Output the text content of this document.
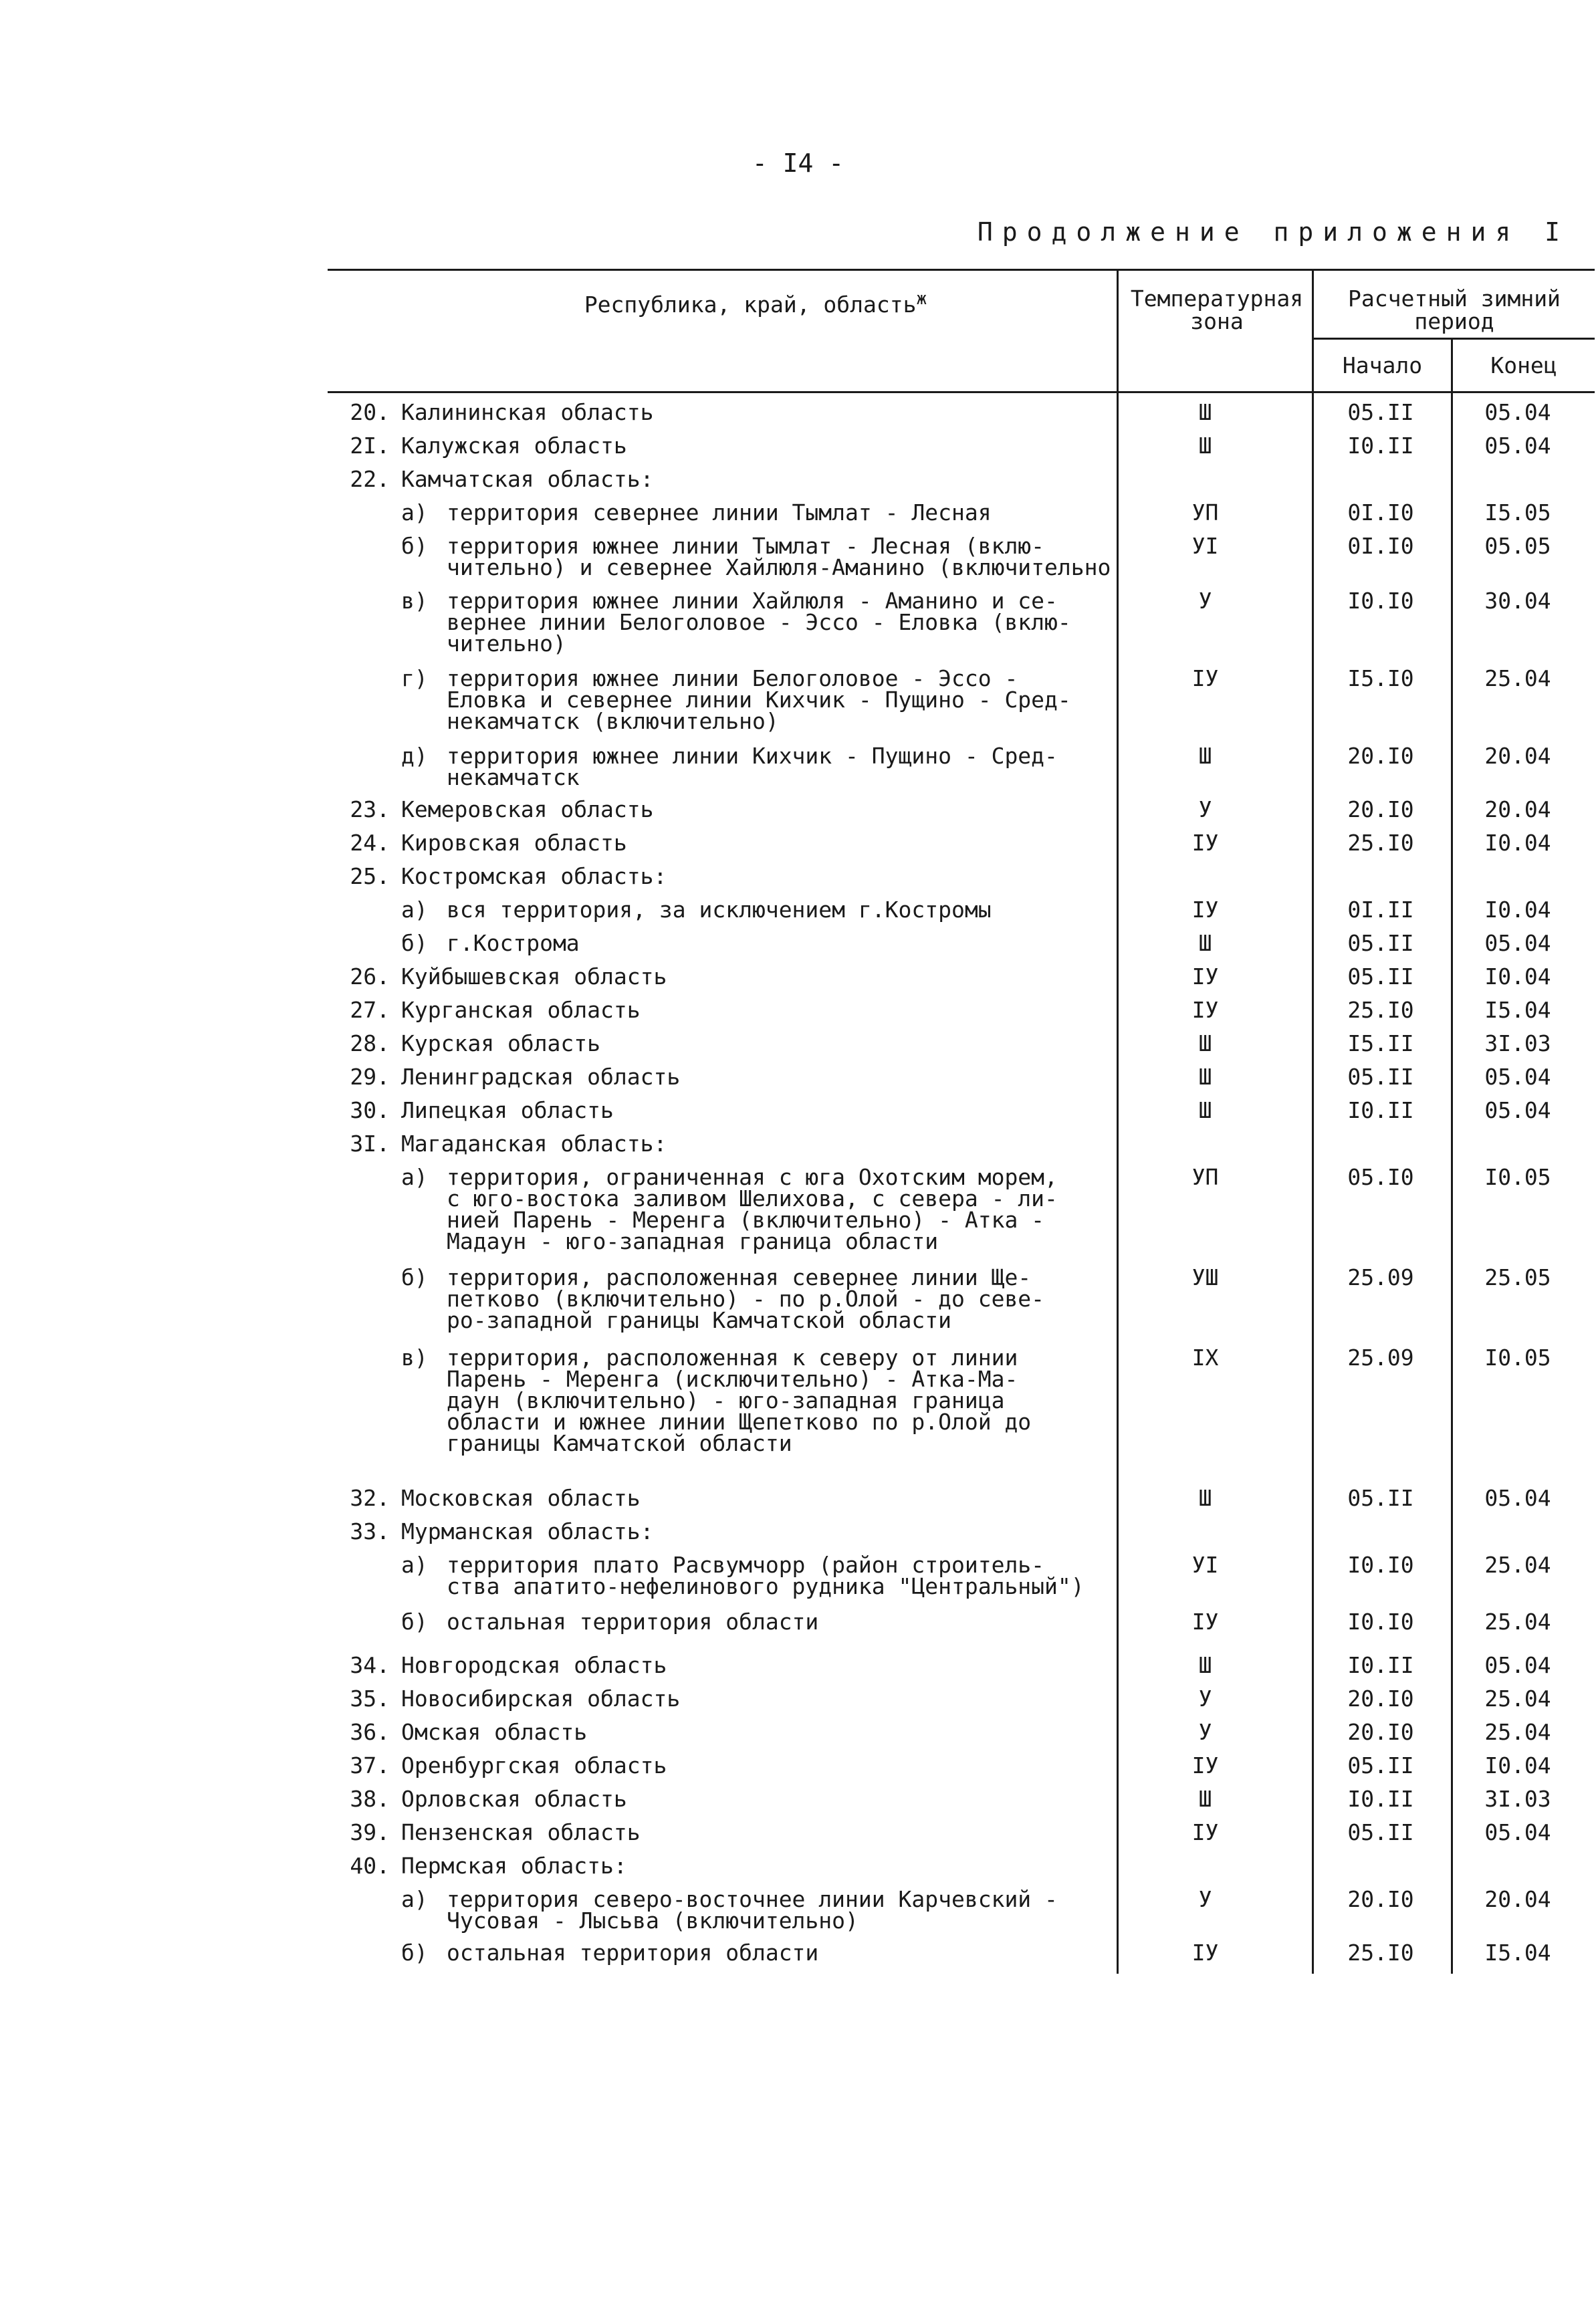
- I4 -
Продолжение приложения I
Республика, край, область$^ж$	Температурная зона
Расчетный зимний период
Начало	Конец
20. Калининская область	Ш	05.II	05.04
2I. Калужская область	Ш	I0.II	05.04
22. Камчатская область:
а) территория севернее линии Тымлат - Лесная	УП	0I.I0	I5.05
б) территория южнее линии Тымлат - Лесная (вклю-
чительно) и севернее Хайлюля-Аманино (включительно
УI	0I.I0	05.05
в) территория южнее линии Хайлюля - Аманино и се-
вернее линии Белоголовое - Эссо - Еловка (вклю-
чительно)
У	I0.I0	30.04
г) территория южнее линии Белоголовое - Эссо -
Еловка и севернее линии Кихчик - Пущино - Сред-
некамчатск (включительно)
IУ	I5.I0	25.04
д) территория южнее линии Кихчик - Пущино - Сред-
некамчатск
Ш	20.I0	20.04
23. Кемеровская область	У	20.I0	20.04
24. Кировская область	IУ	25.I0	I0.04
25. Костромская область:
а) вся территория, за исключением г.Костромы	IУ	0I.II	I0.04
б) г.Кострома	Ш	05.II	05.04
26. Куйбышевская область	IУ	05.II	I0.04
27. Курганская область	IУ	25.I0	I5.04
28. Курская область	Ш	I5.II	3I.03
29. Ленинградская область	Ш	05.II	05.04
30. Липецкая область	Ш	I0.II	05.04
3I. Магаданская область:
а) территория, ограниченная с юга Охотским морем,
с юго-востока заливом Шелихова, с севера - ли-
нией Парень - Меренга (включительно) - Атка -
Мадаун - юго-западная граница области
УП	05.I0	I0.05
б) территория, расположенная севернее линии Ще-
петково (включительно) - по р.Олой - до севе-
ро-западной границы Камчатской области
УШ	25.09	25.05
в) территория, расположенная к северу от линии
Парень - Меренга (исключительно) - Атка-Ма-
даун (включительно) - юго-западная граница
области и южнее линии Щепетково по р.Олой до
границы Камчатской области
IX	25.09	I0.05
32. Московская область	Ш	05.II	05.04
33. Мурманская область:
а) территория плато Расвумчорр (район строитель-
ства апатито-нефелинового рудника "Центральный")
УI	I0.I0	25.04
б) остальная территория области	IУ	I0.I0	25.04
34. Новгородская область	Ш	I0.II	05.04
35. Новосибирская область	У	20.I0	25.04
36. Омская область	У	20.I0	25.04
37. Оренбургская область	IУ	05.II	I0.04
38. Орловская область	Ш	I0.II	3I.03
39. Пензенская область	IУ	05.II	05.04
40. Пермская область:
а) территория северо-восточнее линии Карчевский -
Чусовая - Лысьва (включительно)
У	20.I0	20.04
б) остальная территория области	IУ	25.I0	I5.04
